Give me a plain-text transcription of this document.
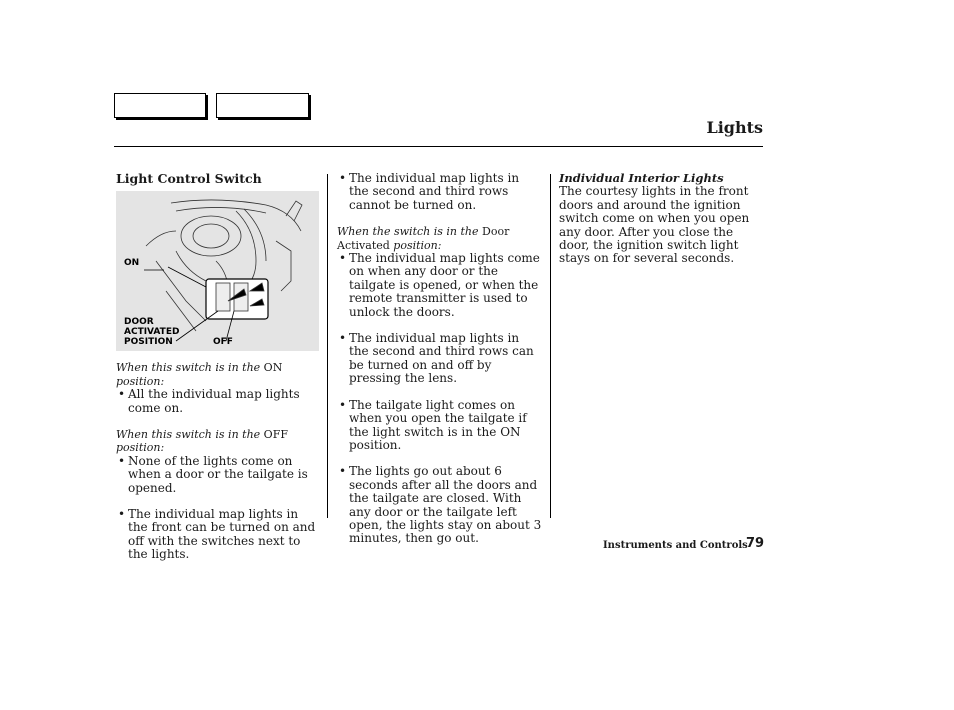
Lights
Light Control Switch
ON
DOOR
ACTIVATED
POSITION	OFF

When this switch is in the ON position:

• All the individual map lights come on.

When this switch is in the OFF position:

• None of the lights come on when a door or the tailgate is opened.

• The individual map lights in the front can be turned on and off with the switches next to the lights.

• The individual map lights in the second and third rows cannot be turned on.

When the switch is in the Door
Activated position:

• The individual map lights come on when any door or the tailgate is opened, or when the remote transmitter is used to unlock the doors.

• The individual map lights in the second and third rows can be turned on and off by pressing the lens.

• The tailgate light comes on when you open the tailgate if the light switch is in the ON position.

• The lights go out about 6 seconds after all the doors and the tailgate are closed. With any door or the tailgate left open, the lights stay on about 3 minutes, then go out.

Individual Interior Lights

The courtesy lights in the front doors and around the ignition switch come on when you open any door. After you close the door, the ignition switch light stays on for several seconds.

Instruments and Controls
79
